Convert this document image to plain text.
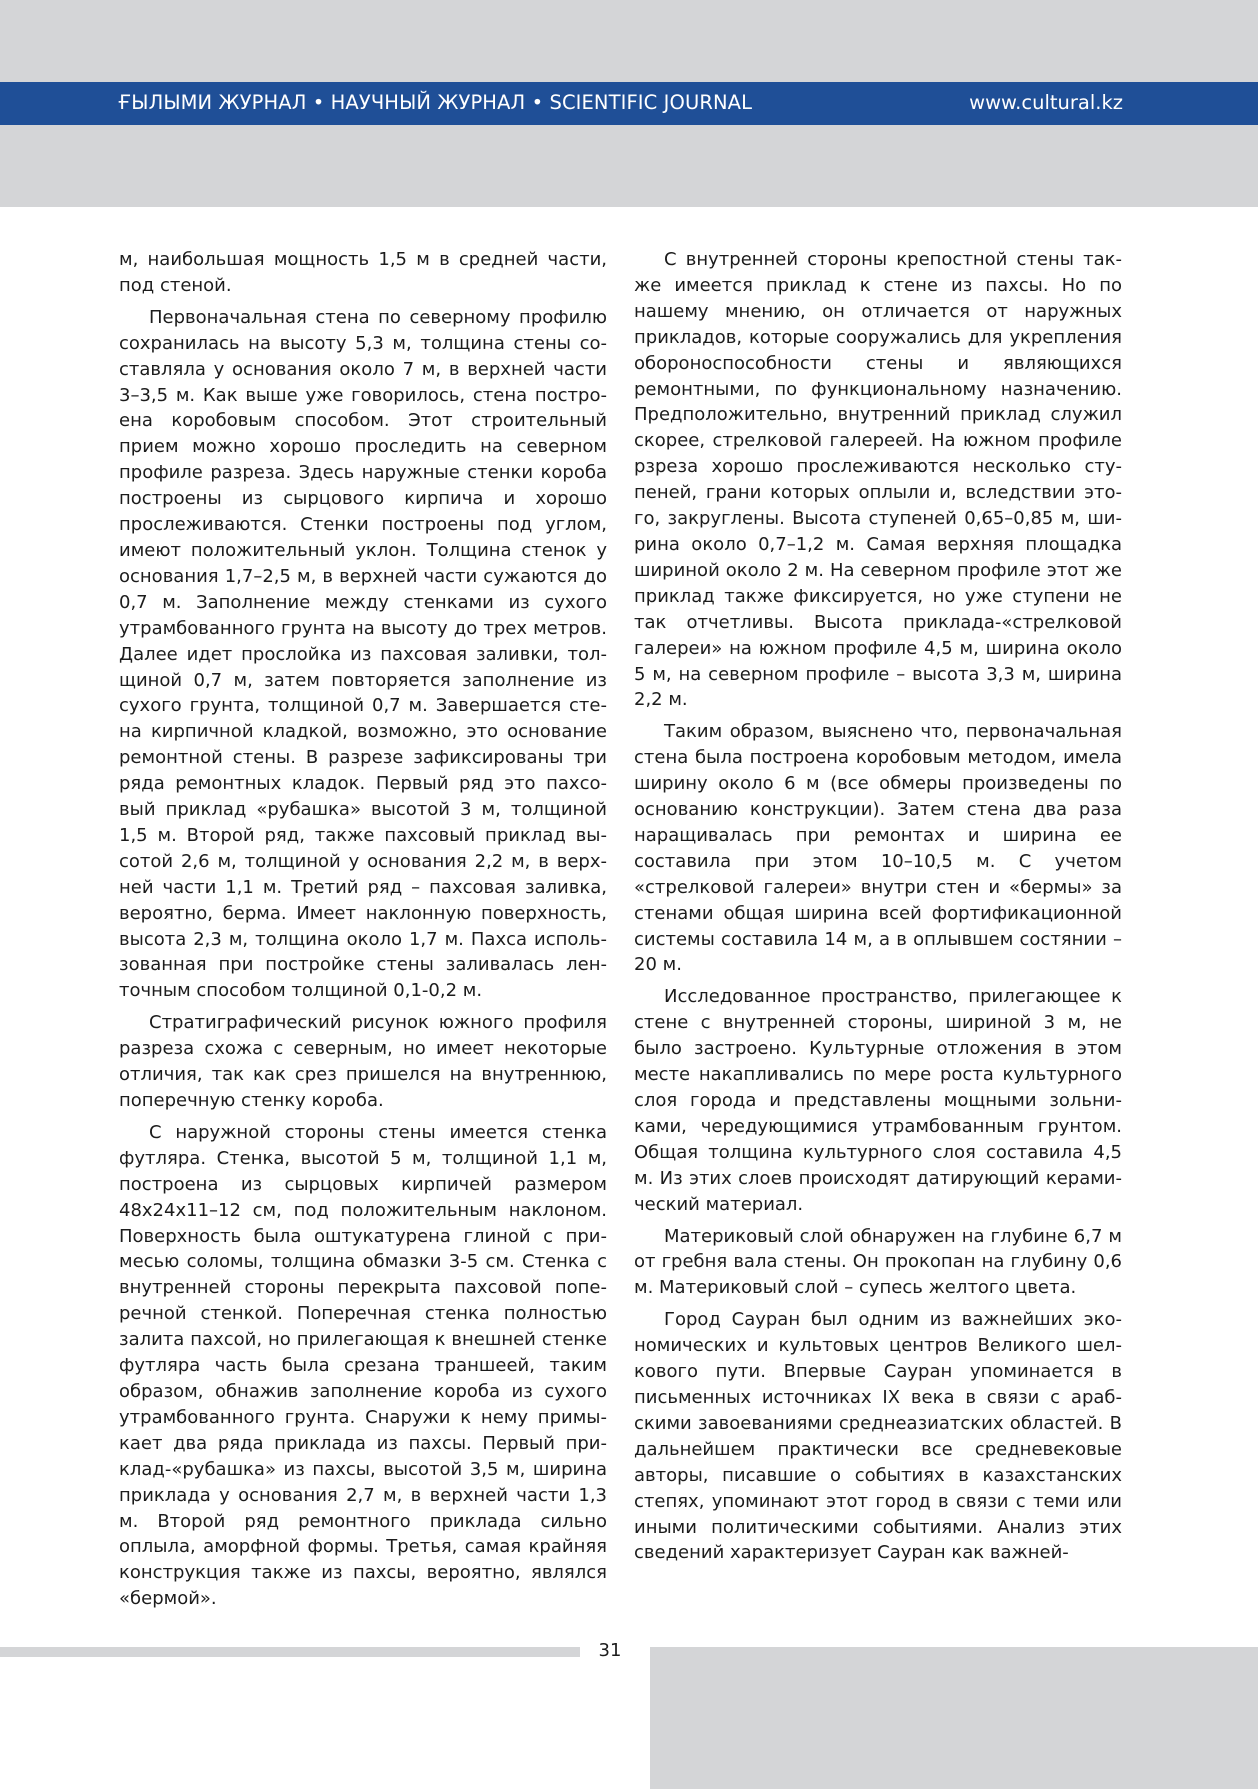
ҒЫЛЫМИ ЖУРНАЛ • НАУЧНЫЙ ЖУРНАЛ • SCIENTIFIC JOURNAL	www.cultural.kz

м, наибольшая мощность 1,5 м в средней части, под стеной.

Первоначальная стена по северному профилю сохранилась на высоту 5,3 м, толщина стены составляла у основания около 7 м, в верхней части 3–3,5 м. Как выше уже говорилось, стена построена коробовым способом. Этот строительный прием можно хорошо проследить на северном профиле разреза. Здесь наружные стенки короба построены из сырцового кирпича и хорошо прослеживаются. Стенки построены под углом, имеют положительный уклон. Толщина стенок у основания 1,7–2,5 м, в верхней части сужаются до 0,7 м. Заполнение между стенками из сухого утрамбованного грунта на высоту до трех метров. Далее идет прослойка из пахсовая заливки, толщиной 0,7 м, затем повторяется заполнение из сухого грунта, толщиной 0,7 м. Завершается стена кирпичной кладкой, возможно, это основание ремонтной стены. В разрезе зафиксированы три ряда ремонтных кладок. Первый ряд это пахсовый приклад «рубашка» высотой 3 м, толщиной 1,5 м. Второй ряд, также пахсовый приклад высотой 2,6 м, толщиной у основания 2,2 м, в верхней части 1,1 м. Третий ряд – пахсовая заливка, вероятно, берма. Имеет наклонную поверхность, высота 2,3 м, толщина около 1,7 м. Пахса использованная при постройке стены заливалась ленточным способом толщиной 0,1-0,2 м.

Стратиграфический рисунок южного профиля разреза схожа с северным, но имеет некоторые отличия, так как срез пришелся на внутреннюю, поперечную стенку короба.

С наружной стороны стены имеется стенка футляра. Стенка, высотой 5 м, толщиной 1,1 м, построена из сырцовых кирпичей размером 48x24x11–12 см, под положительным наклоном. Поверхность была оштукатурена глиной с примесью соломы, толщина обмазки 3-5 см. Стенка с внутренней стороны перекрыта пахсовой поперечной стенкой. Поперечная стенка полностью залита пахсой, но прилегающая к внешней стенке футляра часть была срезана траншеей, таким образом, обнажив заполнение короба из сухого утрамбованного грунта. Снаружи к нему примыкает два ряда приклада из пахсы. Первый приклад-«рубашка» из пахсы, высотой 3,5 м, ширина приклада у основания 2,7 м, в верхней части 1,3 м. Второй ряд ремонтного приклада сильно оплыла, аморфной формы. Третья, самая крайняя конструкция также из пахсы, вероятно, являлся «бермой».

С внутренней стороны крепостной стены также имеется приклад к стене из пахсы. Но по нашему мнению, он отличается от наружных прикладов, которые сооружались для укрепления обороноспособности стены и являющихся ремонтными, по функциональному назначению. Предположительно, внутренний приклад служил скорее, стрелковой галереей. На южном профиле рзреза хорошо прослеживаются несколько ступеней, грани которых оплыли и, вследствии этого, закруглены. Высота ступеней 0,65–0,85 м, ширина около 0,7–1,2 м. Самая верхняя площадка шириной около 2 м. На северном профиле этот же приклад также фиксируется, но уже ступени не так отчетливы. Высота приклада-«стрелковой галереи» на южном профиле 4,5 м, ширина около 5 м, на северном профиле – высота 3,3 м, ширина 2,2 м.

Таким образом, выяснено что, первоначальная стена была построена коробовым методом, имела ширину около 6 м (все обмеры произведены по основанию конструкции). Затем стена два раза наращивалась при ремонтах и ширина ее составила при этом 10–10,5 м. С учетом «стрелковой галереи» внутри стен и «бермы» за стенами общая ширина всей фортификационной системы составила 14 м, а в оплывшем состянии – 20 м.

Исследованное пространство, прилегающее к стене с внутренней стороны, шириной 3 м, не было застроено. Культурные отложения в этом месте накапливались по мере роста культурного слоя города и представлены мощными зольниками, чередующимися утрамбованным грунтом. Общая толщина культурного слоя составила 4,5 м. Из этих слоев происходят датирующий керамический материал.

Материковый слой обнаружен на глубине 6,7 м от гребня вала стены. Он прокопан на глубину 0,6 м. Материковый слой – супесь желтого цвета.

Город Сауран был одним из важнейших экономических и культовых центров Великого шелкового пути. Впервые Сауран упоминается в письменных источниках IX века в связи с арабскими завоеваниями среднеазиатских областей. В дальнейшем практически все средневековые авторы, писавшие о событиях в казахстанских степях, упоминают этот город в связи с теми или иными политическими событиями. Анализ этих сведений характеризует Сауран как важней-

31
